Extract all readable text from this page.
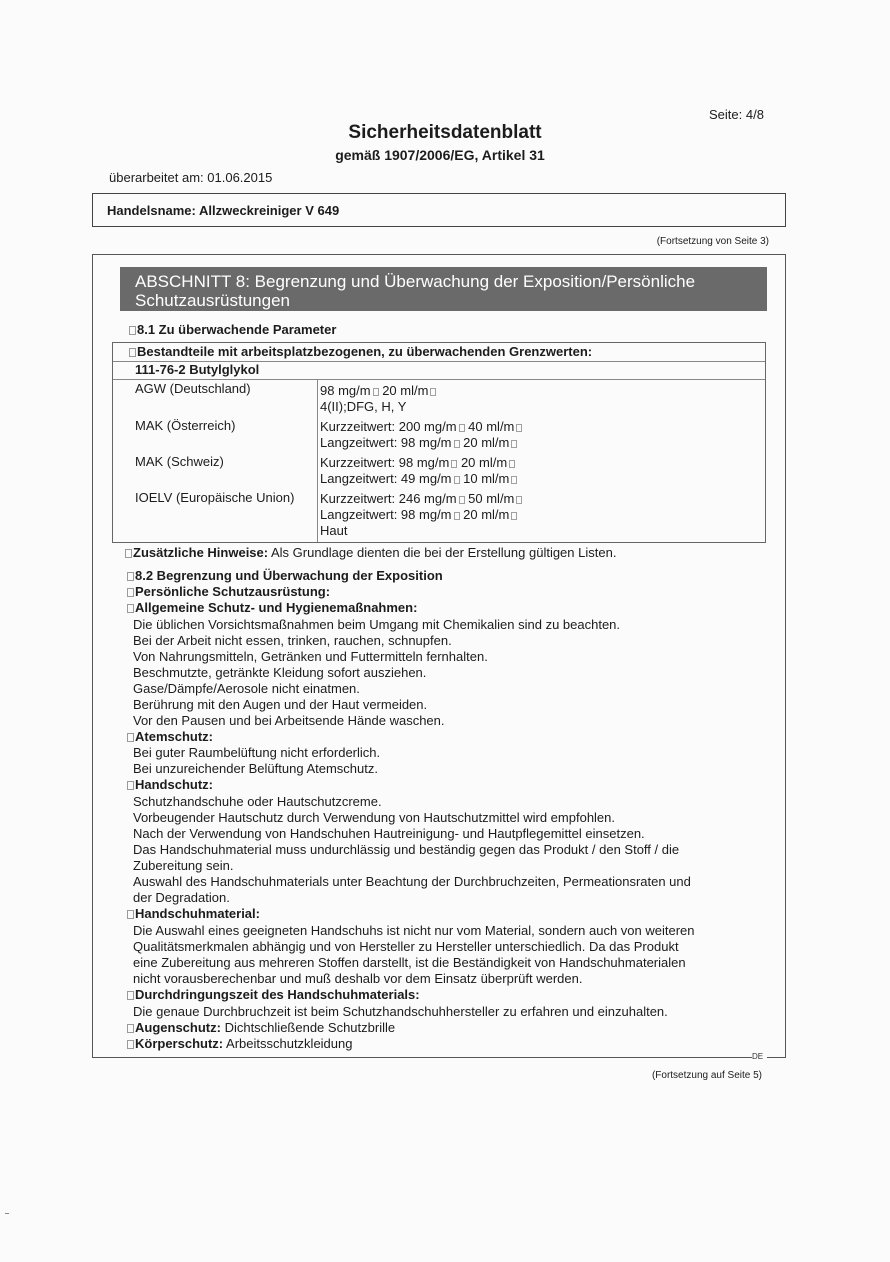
Seite: 4/8
Sicherheitsdatenblatt
gemäß 1907/2006/EG, Artikel 31
überarbeitet am: 01.06.2015
Handelsname: Allzweckreiniger V 649
(Fortsetzung von Seite 3)
ABSCHNITT 8: Begrenzung und Überwachung der Exposition/Persönliche Schutzausrüstungen
8.1 Zu überwachende Parameter
Bestandteile mit arbeitsplatzbezogenen, zu überwachenden Grenzwerten:
111-76-2 Butylglykol
AGW (Deutschland)	98 mg/m 20 ml/m
4(II);DFG, H, Y
MAK (Österreich)	Kurzzeitwert: 200 mg/m 40 ml/m
Langzeitwert: 98 mg/m 20 ml/m
MAK (Schweiz)	Kurzzeitwert: 98 mg/m 20 ml/m
Langzeitwert: 49 mg/m 10 ml/m
IOELV (Europäische Union) Kurzzeitwert: 246 mg/m 50 ml/m
Langzeitwert: 98 mg/m 20 ml/m
Haut
Zusätzliche Hinweise: Als Grundlage dienten die bei der Erstellung gültigen Listen.
8.2 Begrenzung und Überwachung der Exposition
Persönliche Schutzausrüstung:
Allgemeine Schutz- und Hygienemaßnahmen:
Die üblichen Vorsichtsmaßnahmen beim Umgang mit Chemikalien sind zu beachten.
Bei der Arbeit nicht essen, trinken, rauchen, schnupfen.
Von Nahrungsmitteln, Getränken und Futtermitteln fernhalten.
Beschmutzte, getränkte Kleidung sofort ausziehen.
Gase/Dämpfe/Aerosole nicht einatmen.
Berührung mit den Augen und der Haut vermeiden.
Vor den Pausen und bei Arbeitsende Hände waschen.
Atemschutz:
Bei guter Raumbelüftung nicht erforderlich.
Bei unzureichender Belüftung Atemschutz.
Handschutz:
Schutzhandschuhe oder Hautschutzcreme.
Vorbeugender Hautschutz durch Verwendung von Hautschutzmittel wird empfohlen.
Nach der Verwendung von Handschuhen Hautreinigung- und Hautpflegemittel einsetzen.
Das Handschuhmaterial muss undurchlässig und beständig gegen das Produkt / den Stoff / die
Zubereitung sein.
Auswahl des Handschuhmaterials unter Beachtung der Durchbruchzeiten, Permeationsraten und
der Degradation.
Handschuhmaterial:
Die Auswahl eines geeigneten Handschuhs ist nicht nur vom Material, sondern auch von weiteren
Qualitätsmerkmalen abhängig und von Hersteller zu Hersteller unterschiedlich. Da das Produkt
eine Zubereitung aus mehreren Stoffen darstellt, ist die Beständigkeit von Handschuhmaterialen
nicht vorausberechenbar und muß deshalb vor dem Einsatz überprüft werden.
Durchdringungszeit des Handschuhmaterials:
Die genaue Durchbruchzeit ist beim Schutzhandschuhhersteller zu erfahren und einzuhalten.
Augenschutz: Dichtschließende Schutzbrille
Körperschutz: Arbeitsschutzkleidung
DE
(Fortsetzung auf Seite 5)
